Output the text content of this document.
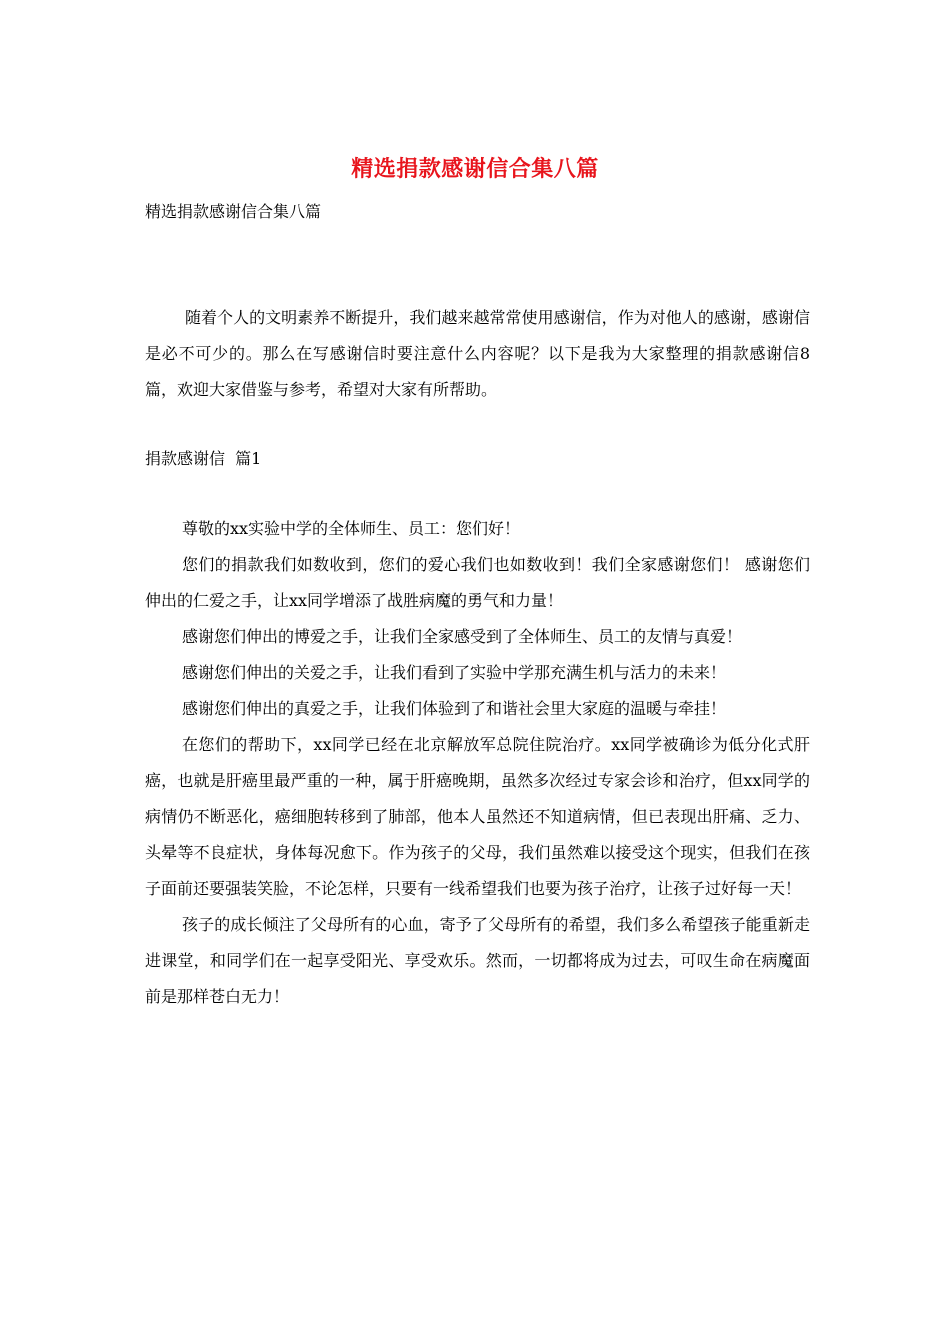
精选捐款感谢信合集八篇
精选捐款感谢信合集八篇

随着个人的文明素养不断提升，我们越来越常常使用感谢信，作为对他人的感谢，感谢信是必不可少的。那么在写感谢信时要注意什么内容呢？以下是我为大家整理的捐款感谢信8篇，欢迎大家借鉴与参考，希望对大家有所帮助。

捐款感谢信  篇1

尊敬的xx实验中学的全体师生、员工：您们好！

您们的捐款我们如数收到，您们的爱心我们也如数收到！我们全家感谢您们！ 感谢您们伸出的仁爱之手，让xx同学增添了战胜病魔的勇气和力量！

感谢您们伸出的博爱之手，让我们全家感受到了全体师生、员工的友情与真爱！

感谢您们伸出的关爱之手，让我们看到了实验中学那充满生机与活力的未来！

感谢您们伸出的真爱之手，让我们体验到了和谐社会里大家庭的温暖与牵挂！

在您们的帮助下，xx同学已经在北京解放军总院住院治疗。xx同学被确诊为低分化式肝癌，也就是肝癌里最严重的一种，属于肝癌晚期，虽然多次经过专家会诊和治疗，但xx同学的病情仍不断恶化，癌细胞转移到了肺部，他本人虽然还不知道病情，但已表现出肝痛、乏力、头晕等不良症状，身体每况愈下。作为孩子的父母，我们虽然难以接受这个现实，但我们在孩子面前还要强装笑脸，不论怎样，只要有一线希望我们也要为孩子治疗，让孩子过好每一天！

孩子的成长倾注了父母所有的心血，寄予了父母所有的希望，我们多么希望孩子能重新走进课堂，和同学们在一起享受阳光、享受欢乐。然而，一切都将成为过去，可叹生命在病魔面前是那样苍白无力！
